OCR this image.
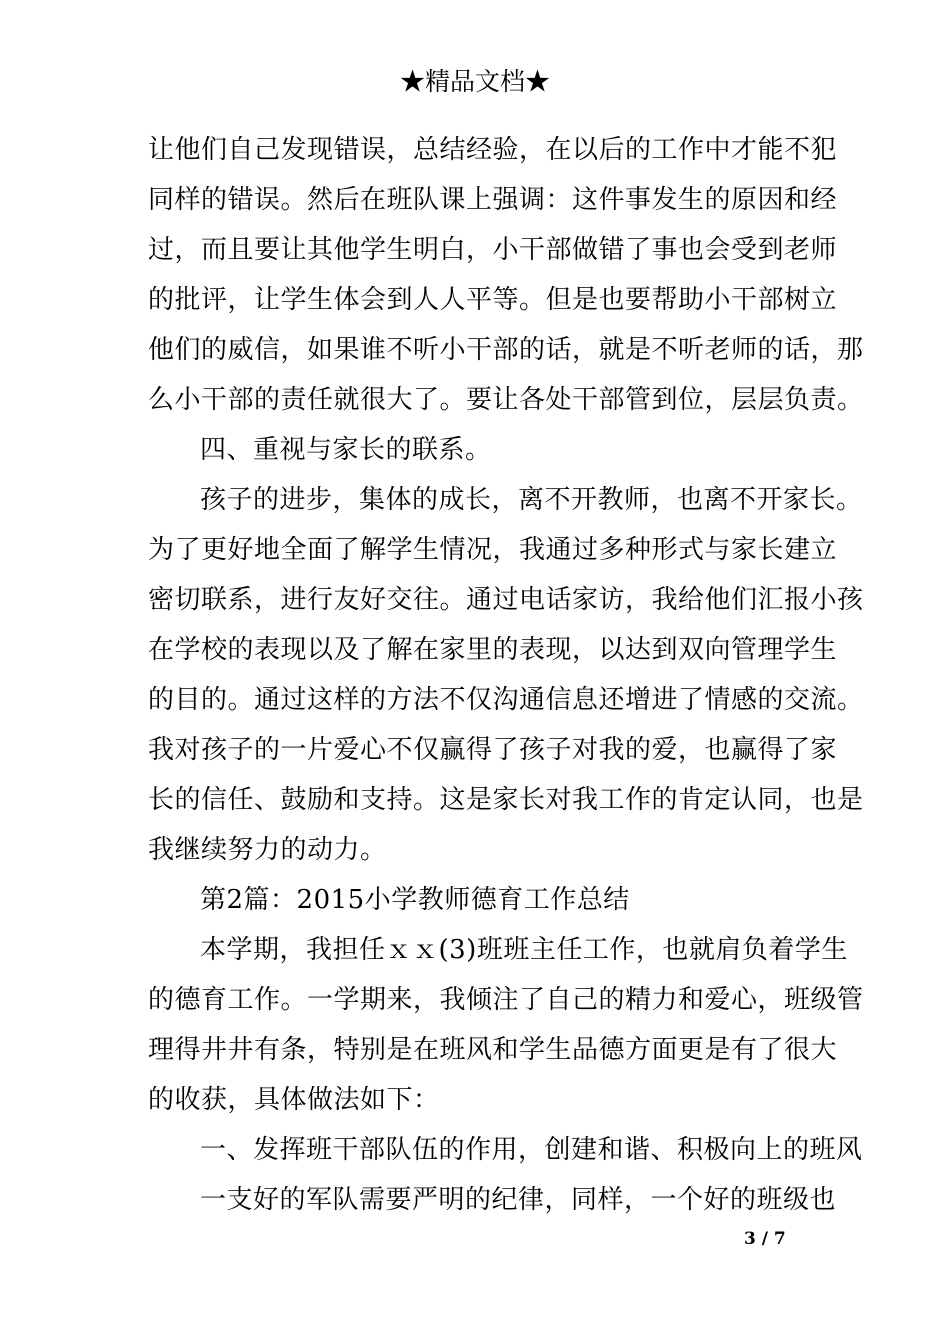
★精品文档★
让他们自己发现错误，总结经验，在以后的工作中才能不犯
同样的错误。然后在班队课上强调：这件事发生的原因和经
过，而且要让其他学生明白，小干部做错了事也会受到老师
的批评，让学生体会到人人平等。但是也要帮助小干部树立
他们的威信，如果谁不听小干部的话，就是不听老师的话，那
么小干部的责任就很大了。要让各处干部管到位，层层负责。
四、重视与家长的联系。
孩子的进步，集体的成长，离不开教师，也离不开家长。
为了更好地全面了解学生情况，我通过多种形式与家长建立
密切联系，进行友好交往。通过电话家访，我给他们汇报小孩
在学校的表现以及了解在家里的表现，以达到双向管理学生
的目的。通过这样的方法不仅沟通信息还增进了情感的交流。
我对孩子的一片爱心不仅赢得了孩子对我的爱，也赢得了家
长的信任、鼓励和支持。这是家长对我工作的肯定认同，也是
我继续努力的动力。
第2篇：2015小学教师德育工作总结
本学期，我担任ｘｘ(3)班班主任工作，也就肩负着学生
的德育工作。一学期来，我倾注了自己的精力和爱心，班级管
理得井井有条，特别是在班风和学生品德方面更是有了很大
的收获，具体做法如下：
一、发挥班干部队伍的作用，创建和谐、积极向上的班风
一支好的军队需要严明的纪律，同样，一个好的班级也
3 / 7
